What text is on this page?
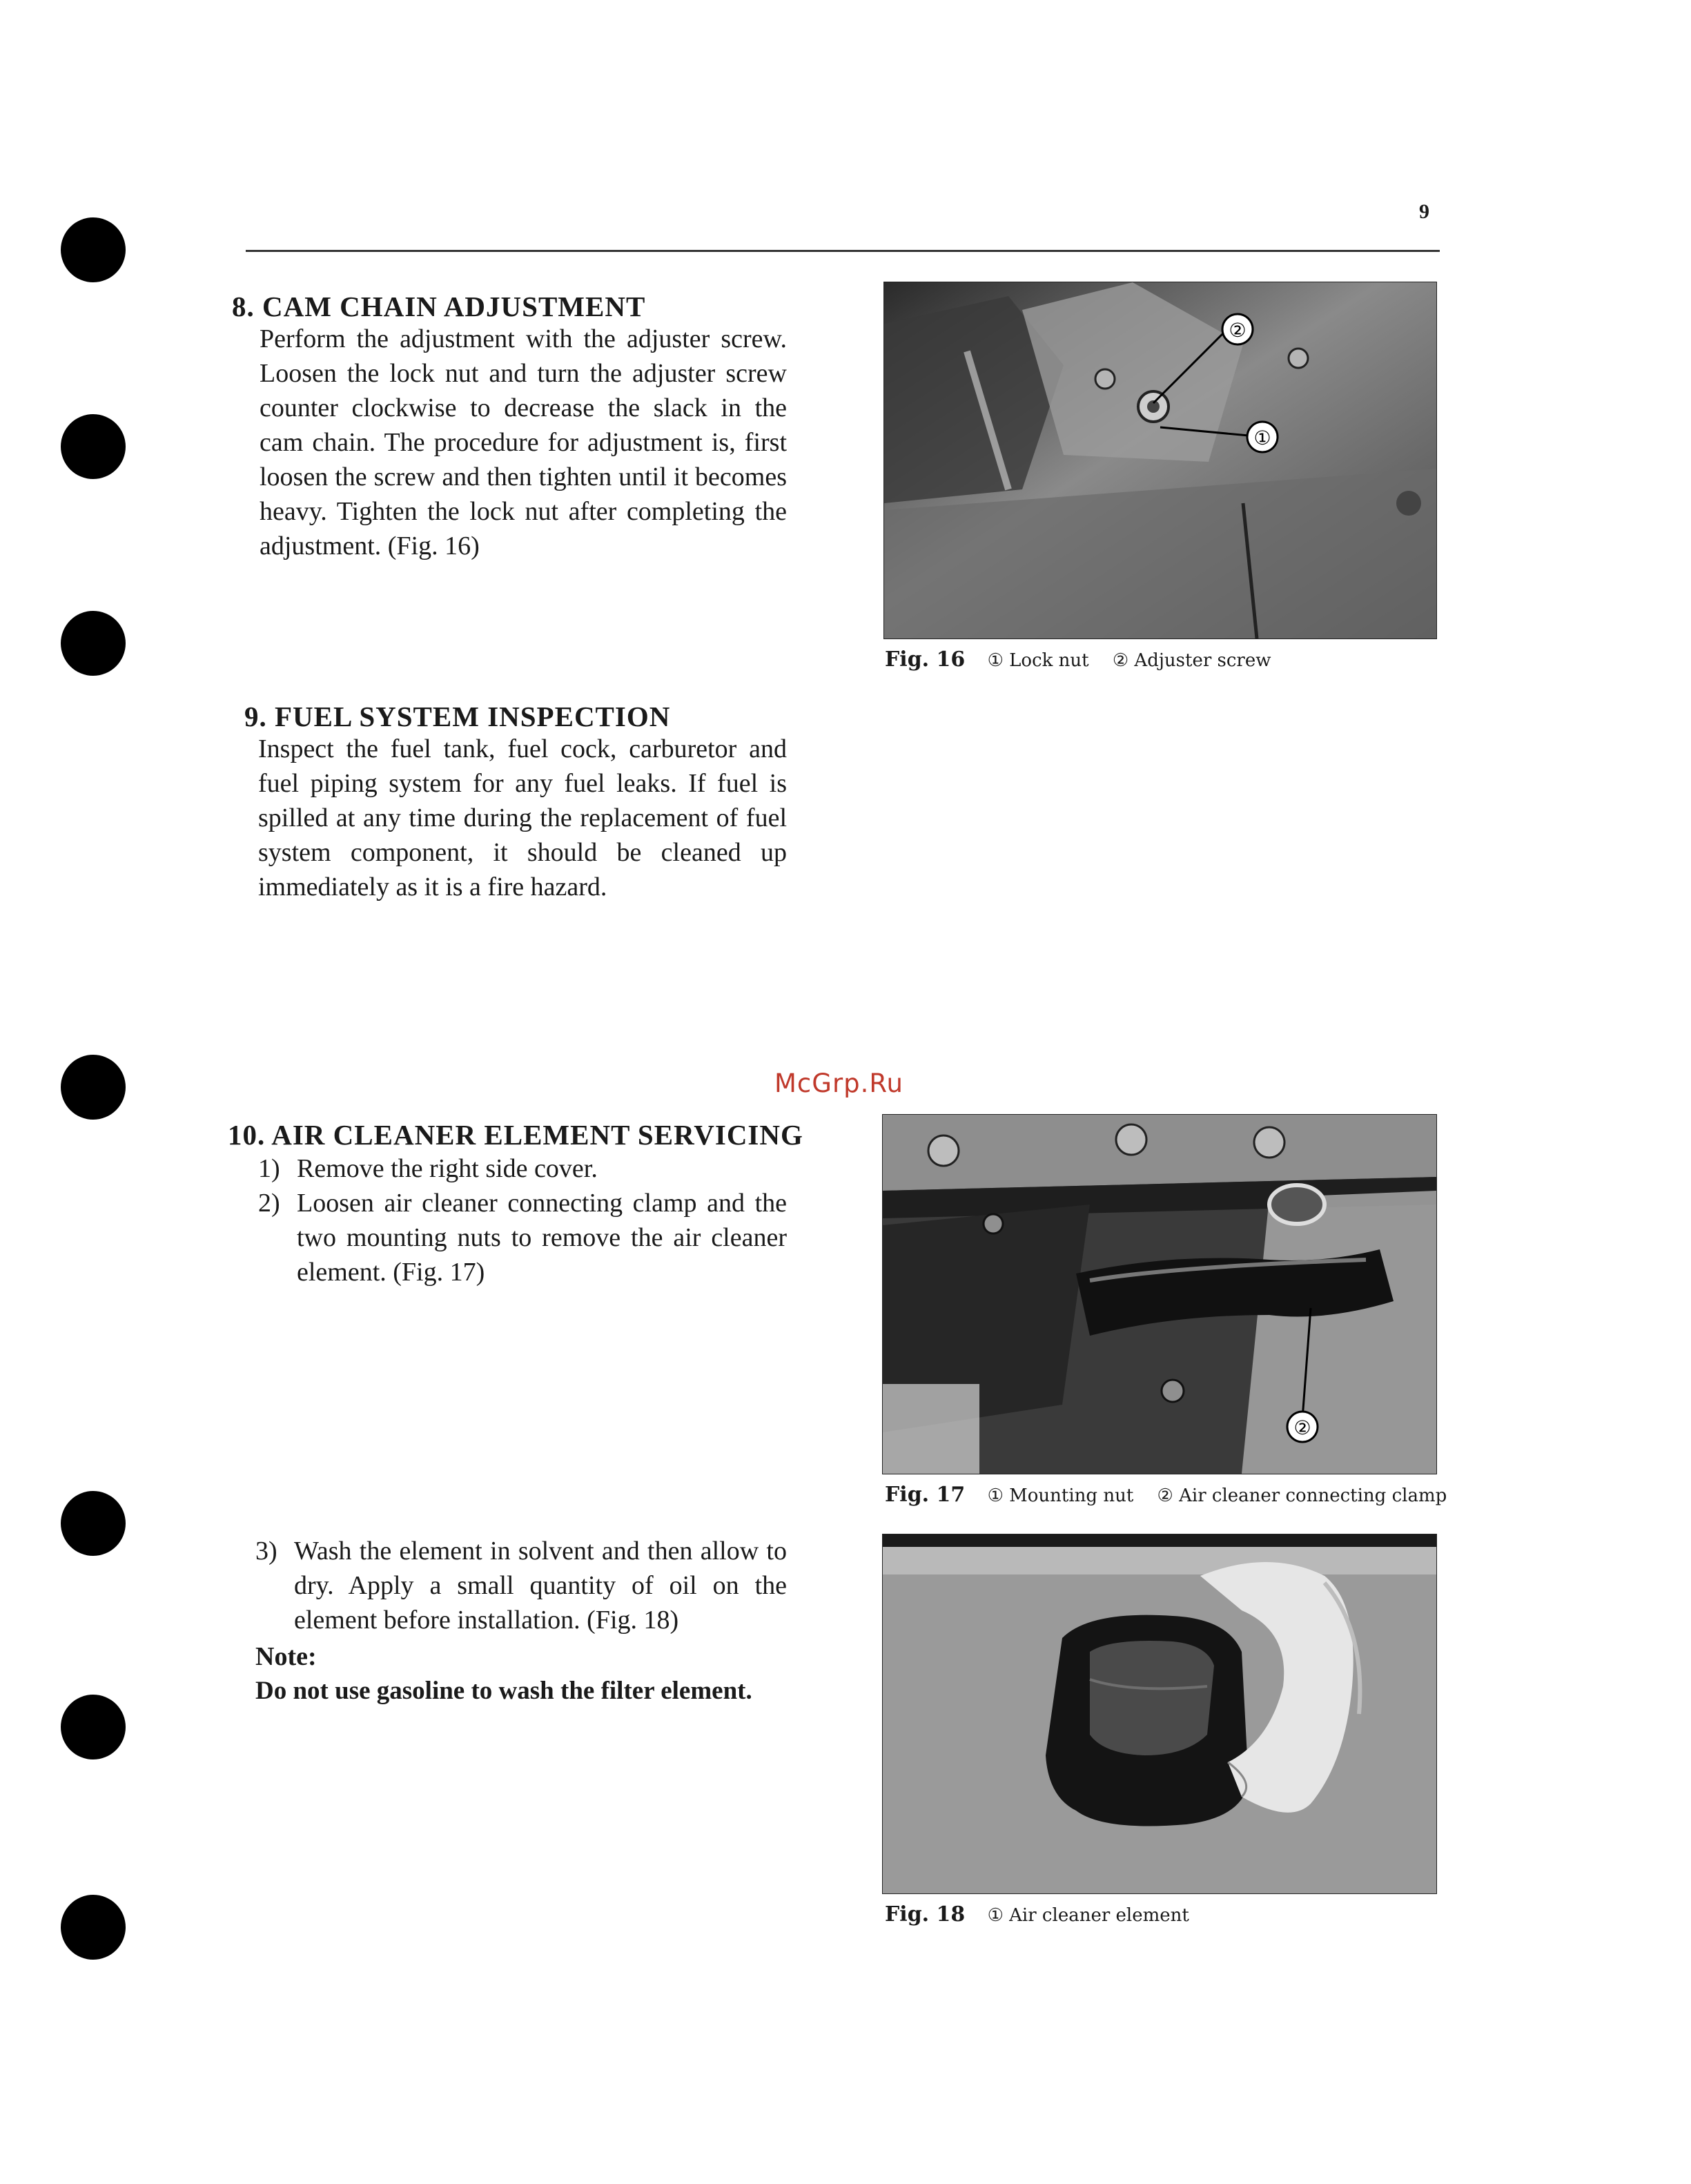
9
8. CAM CHAIN ADJUSTMENT
Perform the adjustment with the adjuster screw. Loosen the lock nut and turn the adjuster screw counter clockwise to decrease the slack in the cam chain. The procedure for adjustment is, first loosen the screw and then tighten until it becomes heavy. Tighten the lock nut after completing the adjustment. (Fig. 16)
②
①
Fig. 16 ① Lock nut ② Adjuster screw
9. FUEL SYSTEM INSPECTION
Inspect the fuel tank, fuel cock, carburetor and fuel piping system for any fuel leaks. If fuel is spilled at any time during the replacement of fuel system component, it should be cleaned up immediately as it is a fire hazard.
McGrp.Ru
10. AIR CLEANER ELEMENT SERVICING
1) Remove the right side cover.
2) Loosen air cleaner connecting clamp and the two mounting nuts to remove the air cleaner element. (Fig. 17)
②
Fig. 17 ① Mounting nut ② Air cleaner connecting clamp
3) Wash the element in solvent and then allow to dry. Apply a small quantity of oil on the element before installation. (Fig. 18)
Note:
Do not use gasoline to wash the filter element.
Fig. 18 ① Air cleaner element
